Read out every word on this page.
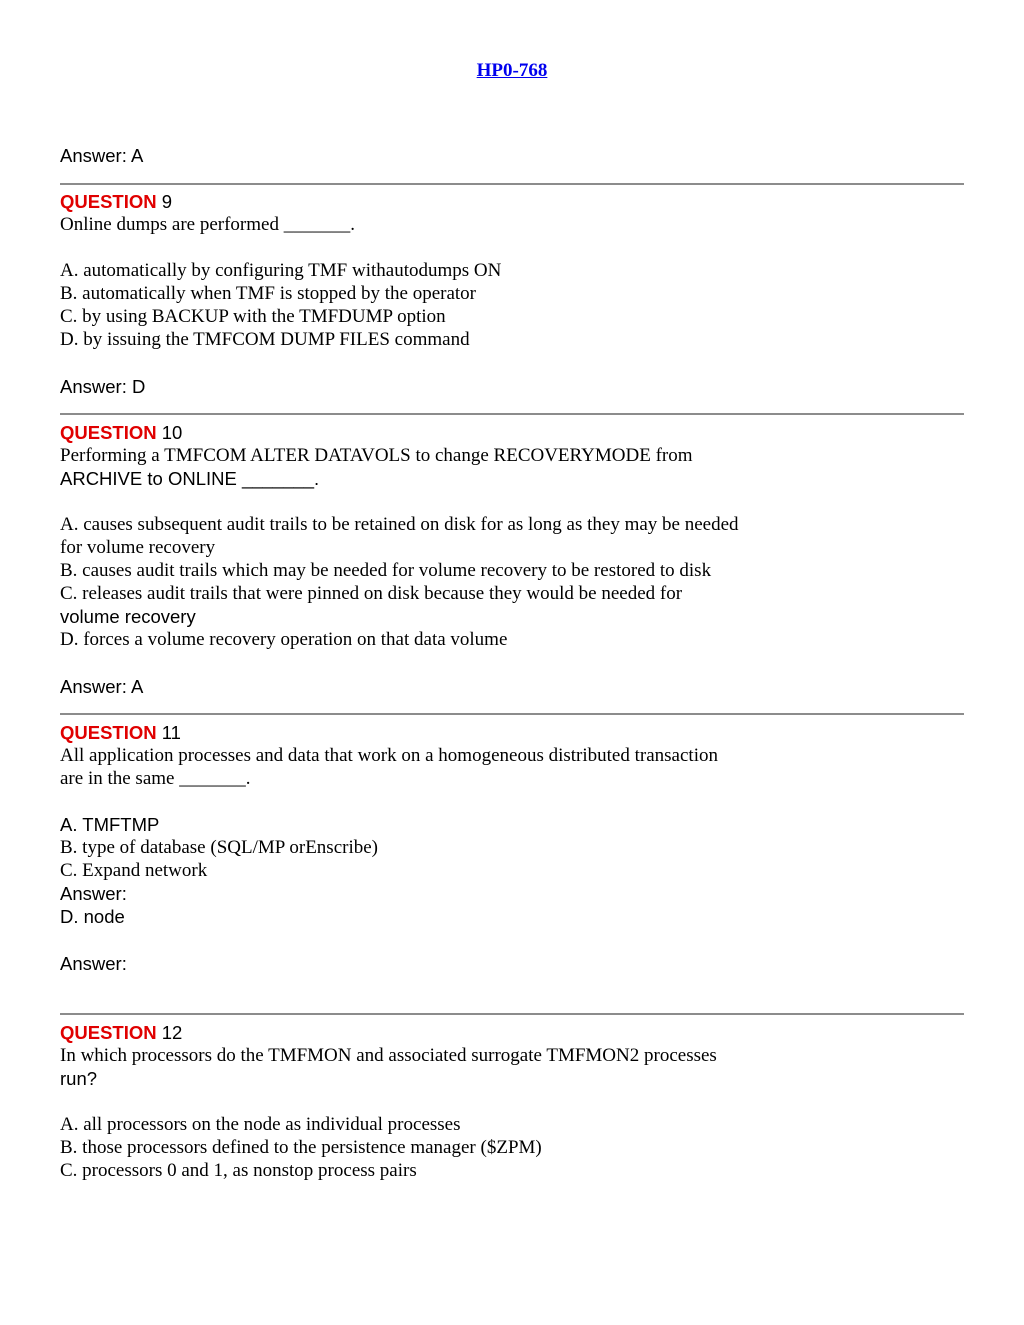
HP0-768
Answer: A
QUESTION 9
Online dumps are performed _______.
A. automatically by configuring TMF withautodumps ON
B. automatically when TMF is stopped by the operator
C. by using BACKUP with the TMFDUMP option
D. by issuing the TMFCOM DUMP FILES command
Answer: D
QUESTION 10
Performing a TMFCOM ALTER DATAVOLS to change RECOVERYMODE from
ARCHIVE to ONLINE _______.
A. causes subsequent audit trails to be retained on disk for as long as they may be needed
for volume recovery
B. causes audit trails which may be needed for volume recovery to be restored to disk
C. releases audit trails that were pinned on disk because they would be needed for
volume recovery
D. forces a volume recovery operation on that data volume
Answer: A
QUESTION 11
All application processes and data that work on a homogeneous distributed transaction
are in the same _______.
A. TMFTMP
B. type of database (SQL/MP orEnscribe)
C. Expand network
Answer:
D. node
Answer:
QUESTION 12
In which processors do the TMFMON and associated surrogate TMFMON2 processes
run?
A. all processors on the node as individual processes
B. those processors defined to the persistence manager ($ZPM)
C. processors 0 and 1, as nonstop process pairs
